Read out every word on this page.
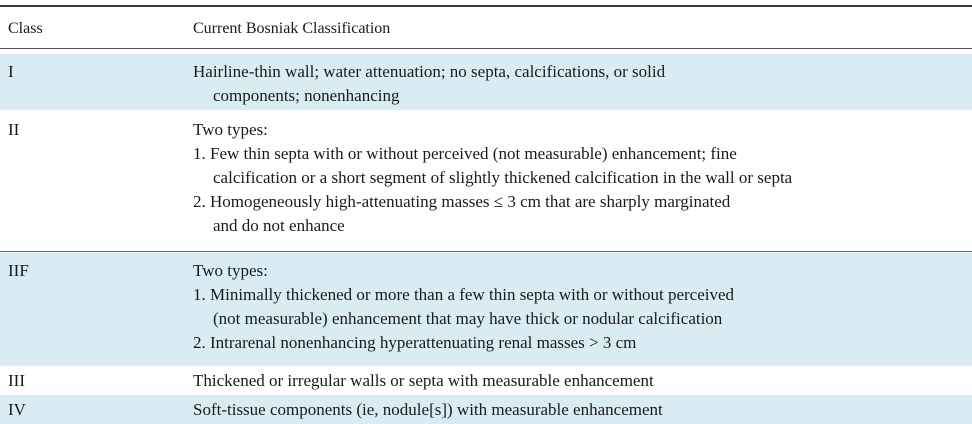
Class	Current Bosniak Classification
I	Hairline-thin wall; water attenuation; no septa, calcifications, or solid
components; nonenhancing
II	Two types:
1. Few thin septa with or without perceived (not measurable) enhancement; fine
calcification or a short segment of slightly thickened calcification in the wall or septa
2. Homogeneously high-attenuating masses ≤ 3 cm that are sharply marginated
and do not enhance
IIF	Two types:
1. Minimally thickened or more than a few thin septa with or without perceived
(not measurable) enhancement that may have thick or nodular calcification
2. Intrarenal nonenhancing hyperattenuating renal masses > 3 cm
III	Thickened or irregular walls or septa with measurable enhancement
IV	Soft-tissue components (ie, nodule[s]) with measurable enhancement
